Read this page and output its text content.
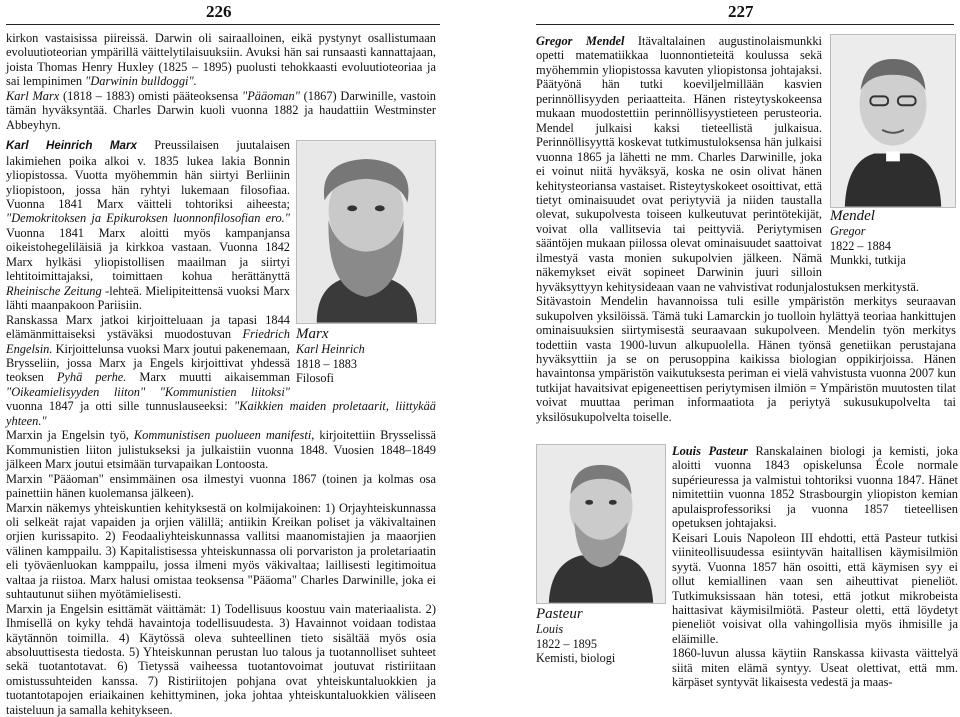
226

kirkon vastaisissa piireissä. Darwin oli sairaalloinen, eikä pystynyt osallistumaan evoluutioteorian ympärillä väittelytilaisuuksiin. Avuksi hän sai runsaasti kannattajaan, joista Thomas Henry Huxley (1825 – 1895) puolusti tehokkaasti evoluutioteoriaa ja sai lempinimen "Darwinin bulldoggi".

Karl Marx (1818 – 1883) omisti pääteoksensa "Pääoman" (1867) Darwinille, vastoin tämän hyväksyntää. Charles Darwin kuoli vuonna 1882 ja haudattiin Westminster Abbeyhyn.

Marx
Karl Heinrich
1818 – 1883
Filosofi

Karl Heinrich Marx Preussilaisen juutalaisen lakimiehen poika alkoi v. 1835 lukea lakia Bonnin yliopistossa. Vuotta myöhemmin hän siirtyi Berliinin yliopistoon, jossa hän ryhtyi lukemaan filosofiaa. Vuonna 1841 Marx väitteli tohtoriksi aiheesta; "Demokritoksen ja Epikuroksen luonnonfilosofian ero." Vuonna 1841 Marx aloitti myös kampanjansa oikeistohegeliläisiä ja kirkkoa vastaan. Vuonna 1842 Marx hylkäsi yliopistollisen maailman ja siirtyi lehtitoimittajaksi, toimittaen kohua herättänyttä Rheinische Zeitung -lehteä. Mielipiteittensä vuoksi Marx lähti maanpakoon Pariisiin.

Ranskassa Marx jatkoi kirjoitteluaan ja tapasi 1844 elämänmittaiseksi ystäväksi muodostuvan Friedrich Engelsin. Kirjoittelunsa vuoksi Marx joutui pakenemaan, Brysseliin, jossa Marx ja Engels kirjoittivat yhdessä teoksen Pyhä perhe. Marx muutti aikaisemman "Oikeamielisyyden liiton" "Kommunistien liitoksi" vuonna 1847 ja otti sille tunnuslauseeksi: "Kaikkien maiden proletaarit, liittykää yhteen."

Marxin ja Engelsin työ, Kommunistisen puolueen manifesti, kirjoitettiin Brysselissä Kommunistien liiton julistukseksi ja julkaistiin vuonna 1848. Vuosien 1848–1849 jälkeen Marx joutui etsimään turvapaikan Lontoosta.

Marxin "Pääoman" ensimmäinen osa ilmestyi vuonna 1867 (toinen ja kolmas osa painettiin hänen kuolemansa jälkeen).

Marxin näkemys yhteiskuntien kehityksestä on kolmijakoinen: 1) Orjayhteiskunnassa oli selkeät rajat vapaiden ja orjien välillä; antiikin Kreikan poliset ja väkivaltainen orjien kurissapito. 2) Feodaaliyhteiskunnassa vallitsi maanomistajien ja maaorjien välinen kamppailu. 3) Kapitalistisessa yhteiskunnassa oli porvariston ja proletariaatin eli työväenluokan kamppailu, jossa ilmeni myös väkivaltaa; laillisesti legitimoitua valtaa ja riistoa. Marx halusi omistaa teoksensa "Pääoma" Charles Darwinille, joka ei suhtautunut siihen myötämielisesti.

Marxin ja Engelsin esittämät väittämät: 1) Todellisuus koostuu vain materiaalista. 2) Ihmisellä on kyky tehdä havaintoja todellisuudesta. 3) Havainnot voidaan todistaa käytännön toimilla. 4) Käytössä oleva suhteellinen tieto sisältää myös osia absoluuttisesta tiedosta. 5) Yhteiskunnan perustan luo talous ja tuotannolliset suhteet sekä tuotantotavat. 6) Tietyssä vaiheessa tuotantovoimat joutuvat ristiriitaan omistussuhteiden kanssa. 7) Ristiriitojen pohjana ovat yhteiskuntaluokkien ja tuotantotapojen eriaikainen kehittyminen, joka johtaa yhteiskuntaluokkien väliseen taisteluun ja samalla kehitykseen.

227
Mendel
Gregor
1822 – 1884
Munkki, tutkija

Gregor Mendel Itävaltalainen augustinolaismunkki opetti matematiikkaa luonnontieteitä koulussa sekä myöhemmin yliopistossa kavuten yliopistonsa johtajaksi. Päätyönä hän tutki koeviljelmillään kasvien perinnöllisyyden periaatteita. Hänen risteytyskokeensa mukaan muodostettiin perinnöllisyystieteen perusteoria. Mendel julkaisi kaksi tieteellistä julkaisua. Perinnöllisyyttä koskevat tutkimustuloksensa hän julkaisi vuonna 1865 ja lähetti ne mm. Charles Darwinille, joka ei voinut niitä hyväksyä, koska ne osin olivat hänen kehitysteoriansa vastaiset. Risteytyskokeet osoittivat, että tietyt ominaisuudet ovat periytyviä ja niiden taustalla olevat, sukupolvesta toiseen kulkeutuvat perintötekijät, voivat olla vallitsevia tai peittyviä. Periytymisen sääntöjen mukaan piilossa olevat ominaisuudet saattoivat ilmestyä vasta monien sukupolvien jälkeen. Nämä näkemykset eivät sopineet Darwinin juuri silloin hyväksyttyyn kehitysideaan vaan ne vahvistivat rodunjalostuksen merkitystä.

Sitävastoin Mendelin havannoissa tuli esille ympäristön merkitys seuraavan sukupolven yksilöissä. Tämä tuki Lamarckin jo tuolloin hylättyä teoriaa hankittujen ominaisuuksien siirtymisestä seuraavaan sukupolveen. Mendelin työn merkitys todettiin vasta 1900-luvun alkupuolella. Hänen työnsä genetiikan perustajana hyväksyttiin ja se on perusoppina kaikissa biologian oppikirjoissa. Hänen havaintonsa ympäristön vaikutuksesta periman ei vielä vahvistusta vuonna 2007 kun tutkijat havaitsivat epigeneettisen periytymisen ilmiön = Ympäristön muutosten tilat voivat muuttaa periman informaatiota ja periytyä sukusukupolvelta tai yksilösukupolvelta toiselle.

Pasteur
Louis
1822 – 1895
Kemisti, biologi

Louis Pasteur Ranskalainen biologi ja kemisti, joka aloitti vuonna 1843 opiskelunsa École normale supérieuressa ja valmistui tohtoriksi vuonna 1847. Hänet nimitettiin vuonna 1852 Strasbourgin yliopiston kemian apulaisprofessoriksi ja vuonna 1857 tieteellisen opetuksen johtajaksi.

Keisari Louis Napoleon III ehdotti, että Pasteur tutkisi viiniteollisuudessa esiintyvän haitallisen käymisilmiön syytä. Vuonna 1857 hän osoitti, että käymisen syy ei ollut kemiallinen vaan sen aiheuttivat pieneliöt. Tutkimuksissaan hän totesi, että jotkut mikrobeista haittasivat käymisilmiötä. Pasteur oletti, että löydetyt pieneliöt voisivat olla vahingollisia myös ihmisille ja eläimille.

1860-luvun alussa käytiin Ranskassa kiivasta väittelyä siitä miten elämä syntyy. Useat olettivat, että mm. kärpäset syntyvät likaisesta vedestä ja maas-
